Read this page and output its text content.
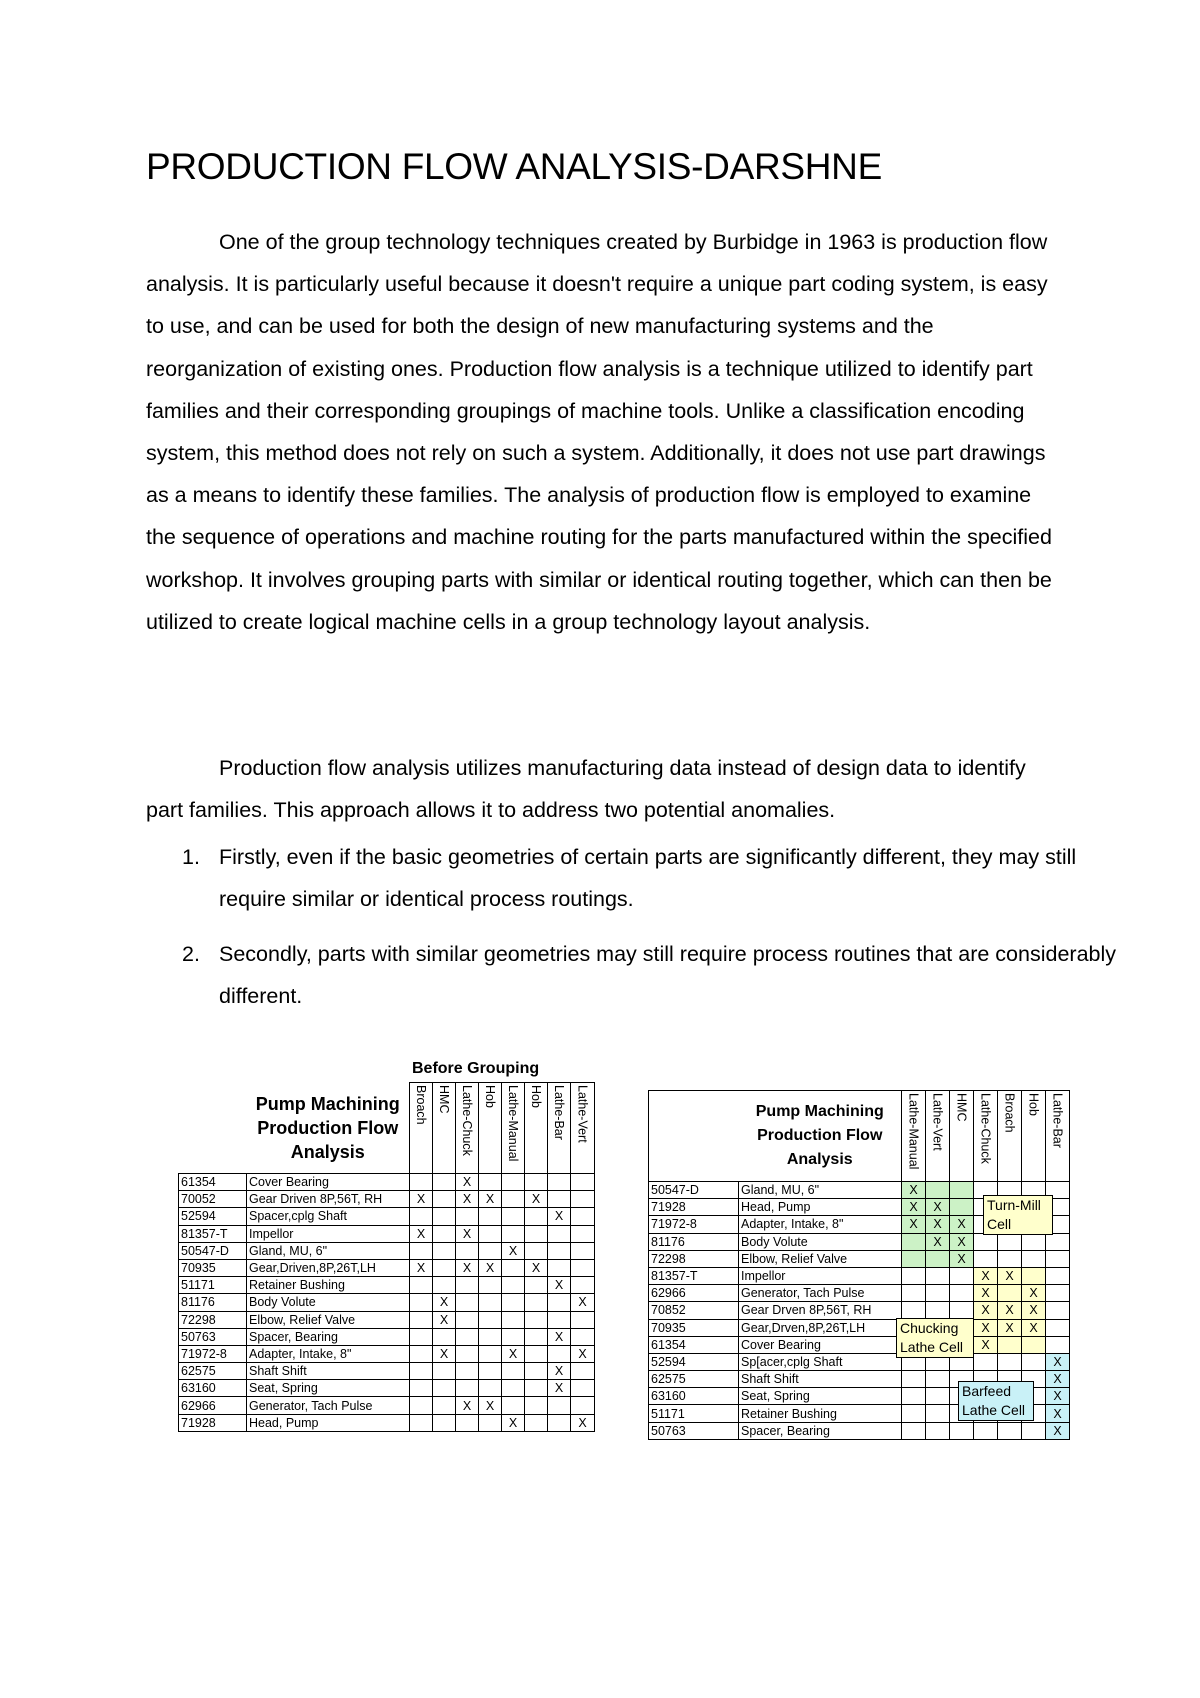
PRODUCTION FLOW ANALYSIS-DARSHNE

One of the group technology techniques created by Burbidge in 1963 is production flow analysis. It is particularly useful because it doesn't require a unique part coding system, is easy to use, and can be used for both the design of new manufacturing systems and the reorganization of existing ones. Production flow analysis is a technique utilized to identify part families and their corresponding groupings of machine tools. Unlike a classification encoding system, this method does not rely on such a system. Additionally, it does not use part drawings as a means to identify these families. The analysis of production flow is employed to examine the sequence of operations and machine routing for the parts manufactured within the specified workshop. It involves grouping parts with similar or identical routing together, which can then be utilized to create logical machine cells in a group technology layout analysis.

Production flow analysis utilizes manufacturing data instead of design data to identify part families. This approach allows it to address two potential anomalies.

1. Firstly, even if the basic geometries of certain parts are significantly different, they may still require similar or identical process routings.
2. Secondly, parts with similar geometries may still require process routines that are considerably different.
Before Grouping
	Pump Machining Production Flow Analysis	Broach	HMC	Lathe-Chuck	Hob	Lathe-Manual	Hob	Lathe-Bar	Lathe-Vert

61354	Cover Bearing			X					
70052	Gear Driven 8P,56T, RH	X		X	X		X		
52594	Spacer,cplg Shaft							X	
81357-T	Impellor	X		X					
50547-D	Gland, MU, 6"					X			
70935	Gear,Driven,8P,26T,LH	X		X	X		X		
51171	Retainer Bushing							X	
81176	Body Volute		X						X
72298	Elbow, Relief Valve		X						
50763	Spacer, Bearing							X	
71972-8	Adapter, Intake, 8"		X			X			X
62575	Shaft Shift							X	
63160	Seat, Spring							X	
62966	Generator, Tach Pulse			X	X				
71928	Head, Pump					X			X
	Pump Machining Production Flow Analysis	Lathe-Manual	Lathe-Vert	HMC	Lathe-Chuck	Broach	Hob	Lathe-Bar

50547-D	Gland, MU, 6"	X						
71928	Head, Pump	X	X					
71972-8	Adapter, Intake, 8"	X	X	X				
81176	Body Volute		X	X				
72298	Elbow, Relief Valve			X				
81357-T	Impellor				X	X		
62966	Generator, Tach Pulse				X		X	
70852	Gear Drven 8P,56T, RH				X	X	X	
70935	Gear,Drven,8P,26T,LH				X	X	X	
61354	Cover Bearing				X			
52594	Sp[acer,cplg Shaft							X
62575	Shaft Shift							X
63160	Seat, Spring							X
51171	Retainer Bushing							X
50763	Spacer, Bearing							X
Turn-Mill Cell
Chucking Lathe Cell
Barfeed Lathe Cell
